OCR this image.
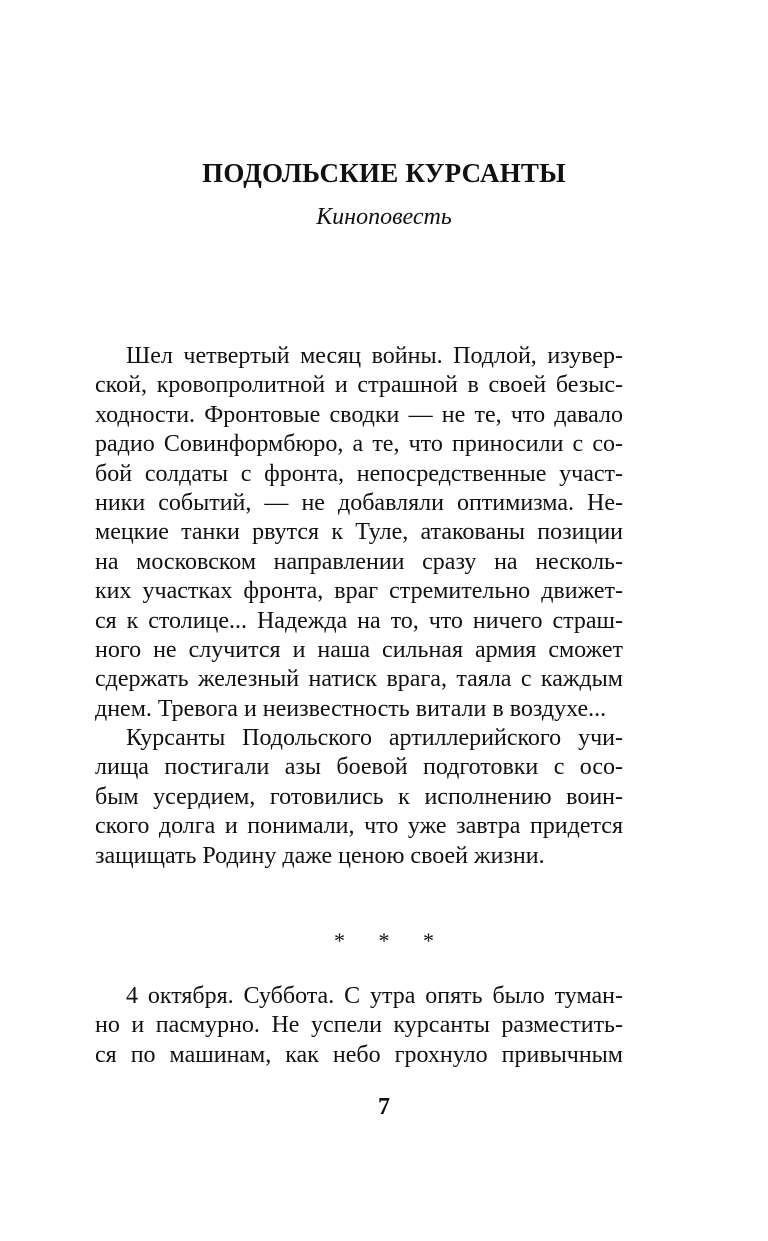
ПОДОЛЬСКИЕ КУРСАНТЫ
Киноповесть
Шел четвертый месяц войны. Подлой, изувер-
ской, кровопролитной и страшной в своей безыс-
ходности. Фронтовые сводки — не те, что давало
радио Совинформбюро, а те, что приносили с со-
бой солдаты с фронта, непосредственные участ-
ники событий, — не добавляли оптимизма. Не-
мецкие танки рвутся к Туле, атакованы позиции
на московском направлении сразу на несколь-
ких участках фронта, враг стремительно движет-
ся к столице... Надежда на то, что ничего страш-
ного не случится и наша сильная армия сможет
сдержать железный натиск врага, таяла с каждым
днем. Тревога и неизвестность витали в воздухе...
Курсанты Подольского артиллерийского учи-
лища постигали азы боевой подготовки с осо-
бым усердием, готовились к исполнению воин-
ского долга и понимали, что уже завтра придется
защищать Родину даже ценою своей жизни.
* * *
4 октября. Суббота. С утра опять было туман-
но и пасмурно. Не успели курсанты разместить-
ся по машинам, как небо грохнуло привычным
7
